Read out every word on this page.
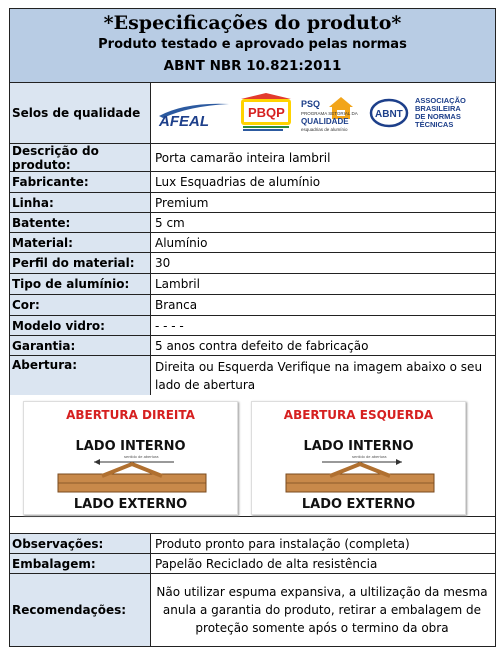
*Especificações do produto*
Produto testado e aprovado pelas normas
ABNT NBR 10.821:2011
Selos de qualidade	AFEAL
PBQP
PSQ
PROGRAMA SETORIAL DA
QUALIDADE
esquadrias de alumínio
ABNT
ASSOCIAÇÃO
BRASILEIRA
DE NORMAS
TÉCNICAS
Descrição do produto:	Porta camarão inteira lambril
Fabricante:	Lux Esquadrias de alumínio
Linha:	Premium
Batente:	5 cm
Material:	Alumínio
Perfil do material:	30
Tipo de alumínio:	Lambril
Cor:	Branca
Modelo vidro:	- - - -
Garantia:	5 anos contra defeito de fabricação
Abertura:	Direita ou Esquerda Verifique na imagem abaixo o seu lado de abertura
ABERTURA DIREITA
LADO INTERNO
sentido de abertura
LADO EXTERNO
ABERTURA ESQUERDA
LADO INTERNO
sentido de abertura
LADO EXTERNO
Observações:	Produto pronto para instalação (completa)
Embalagem:	Papelão Reciclado de alta resistência
Recomendações:
Não utilizar espuma expansiva, a ultilização da mesma anula a garantia do produto, retirar a embalagem de proteção somente após o termino da obra
